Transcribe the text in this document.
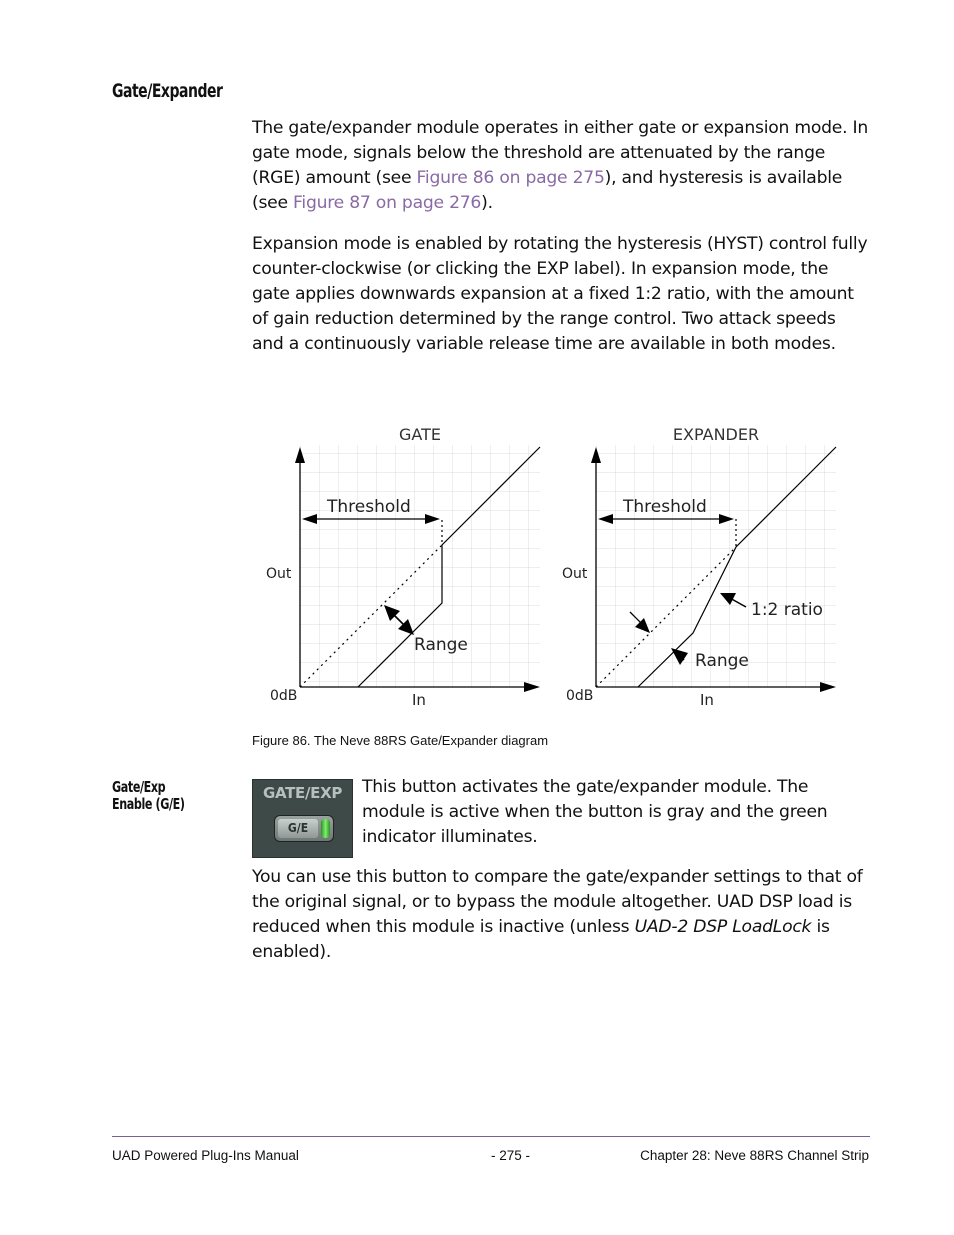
Gate/Expander
The gate/expander module operates in either gate or expansion mode. In gate mode, signals below the threshold are attenuated by the range (RGE) amount (see Figure 86 on page 275), and hysteresis is available (see Figure 87 on page 276).
Expansion mode is enabled by rotating the hysteresis (HYST) control fully counter-clockwise (or clicking the EXP label). In expansion mode, the gate applies downwards expansion at a fixed 1:2 ratio, with the amount of gain reduction determined by the range control. Two attack speeds and a continuously variable release time are available in both modes.
GATE
Threshold
Range
Out
0dB	In
EXPANDER
Threshold
1:2 ratio
Range
Out
0dB	In
Figure 86. The Neve 88RS Gate/Expander diagram
Gate/Exp
Enable (G/E)
GATE/EXP
G/E
This button activates the gate/expander module. The module is active when the button is gray and the green indicator illuminates.
You can use this button to compare the gate/expander settings to that of the original signal, or to bypass the module altogether. UAD DSP load is reduced when this module is inactive (unless UAD-2 DSP LoadLock is enabled).
UAD Powered Plug-Ins Manual	- 275 -	Chapter 28: Neve 88RS Channel Strip
